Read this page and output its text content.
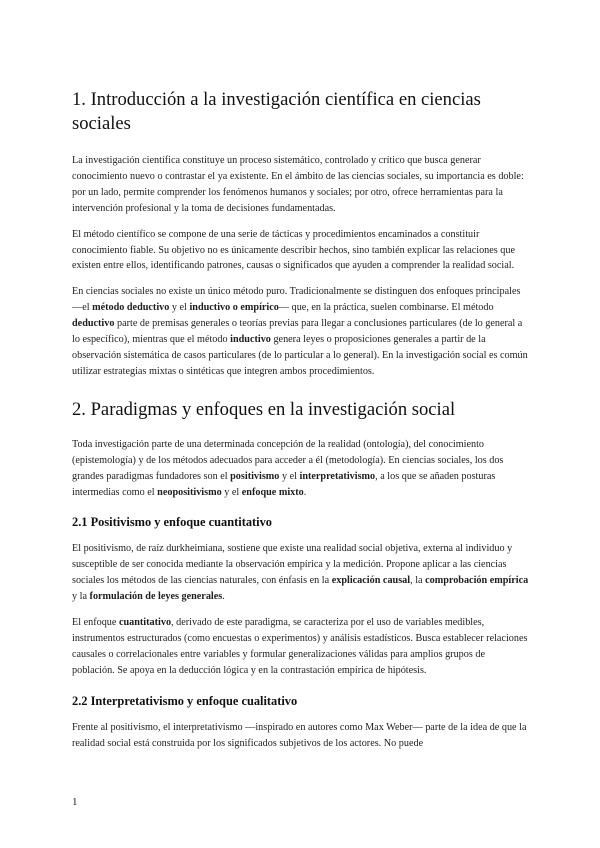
1. Introducción a la investigación científica en ciencias sociales

La investigación científica constituye un proceso sistemático, controlado y crítico que busca generar conocimiento nuevo o contrastar el ya existente. En el ámbito de las ciencias sociales, su importancia es doble: por un lado, permite comprender los fenómenos humanos y sociales; por otro, ofrece herramientas para la intervención profesional y la toma de decisiones fundamentadas.

El método científico se compone de una serie de tácticas y procedimientos encaminados a constituir conocimiento fiable. Su objetivo no es únicamente describir hechos, sino también explicar las relaciones que existen entre ellos, identificando patrones, causas o significados que ayuden a comprender la realidad social.

En ciencias sociales no existe un único método puro. Tradicionalmente se distinguen dos enfoques principales —el método deductivo y el inductivo o empírico— que, en la práctica, suelen combinarse. El método deductivo parte de premisas generales o teorías previas para llegar a conclusiones particulares (de lo general a lo específico), mientras que el método inductivo genera leyes o proposiciones generales a partir de la observación sistemática de casos particulares (de lo particular a lo general). En la investigación social es común utilizar estrategias mixtas o sintéticas que integren ambos procedimientos.

2. Paradigmas y enfoques en la investigación social

Toda investigación parte de una determinada concepción de la realidad (ontología), del conocimiento (epistemología) y de los métodos adecuados para acceder a él (metodología). En ciencias sociales, los dos grandes paradigmas fundadores son el positivismo y el interpretativismo, a los que se añaden posturas intermedias como el neopositivismo y el enfoque mixto.

2.1 Positivismo y enfoque cuantitativo

El positivismo, de raíz durkheimiana, sostiene que existe una realidad social objetiva, externa al individuo y susceptible de ser conocida mediante la observación empírica y la medición. Propone aplicar a las ciencias sociales los métodos de las ciencias naturales, con énfasis en la explicación causal, la comprobación empírica y la formulación de leyes generales.

El enfoque cuantitativo, derivado de este paradigma, se caracteriza por el uso de variables medibles, instrumentos estructurados (como encuestas o experimentos) y análisis estadísticos. Busca establecer relaciones causales o correlacionales entre variables y formular generalizaciones válidas para amplios grupos de población. Se apoya en la deducción lógica y en la contrastación empírica de hipótesis.

2.2 Interpretativismo y enfoque cualitativo

Frente al positivismo, el interpretativismo —inspirado en autores como Max Weber— parte de la idea de que la realidad social está construida por los significados subjetivos de los actores. No puede

1
